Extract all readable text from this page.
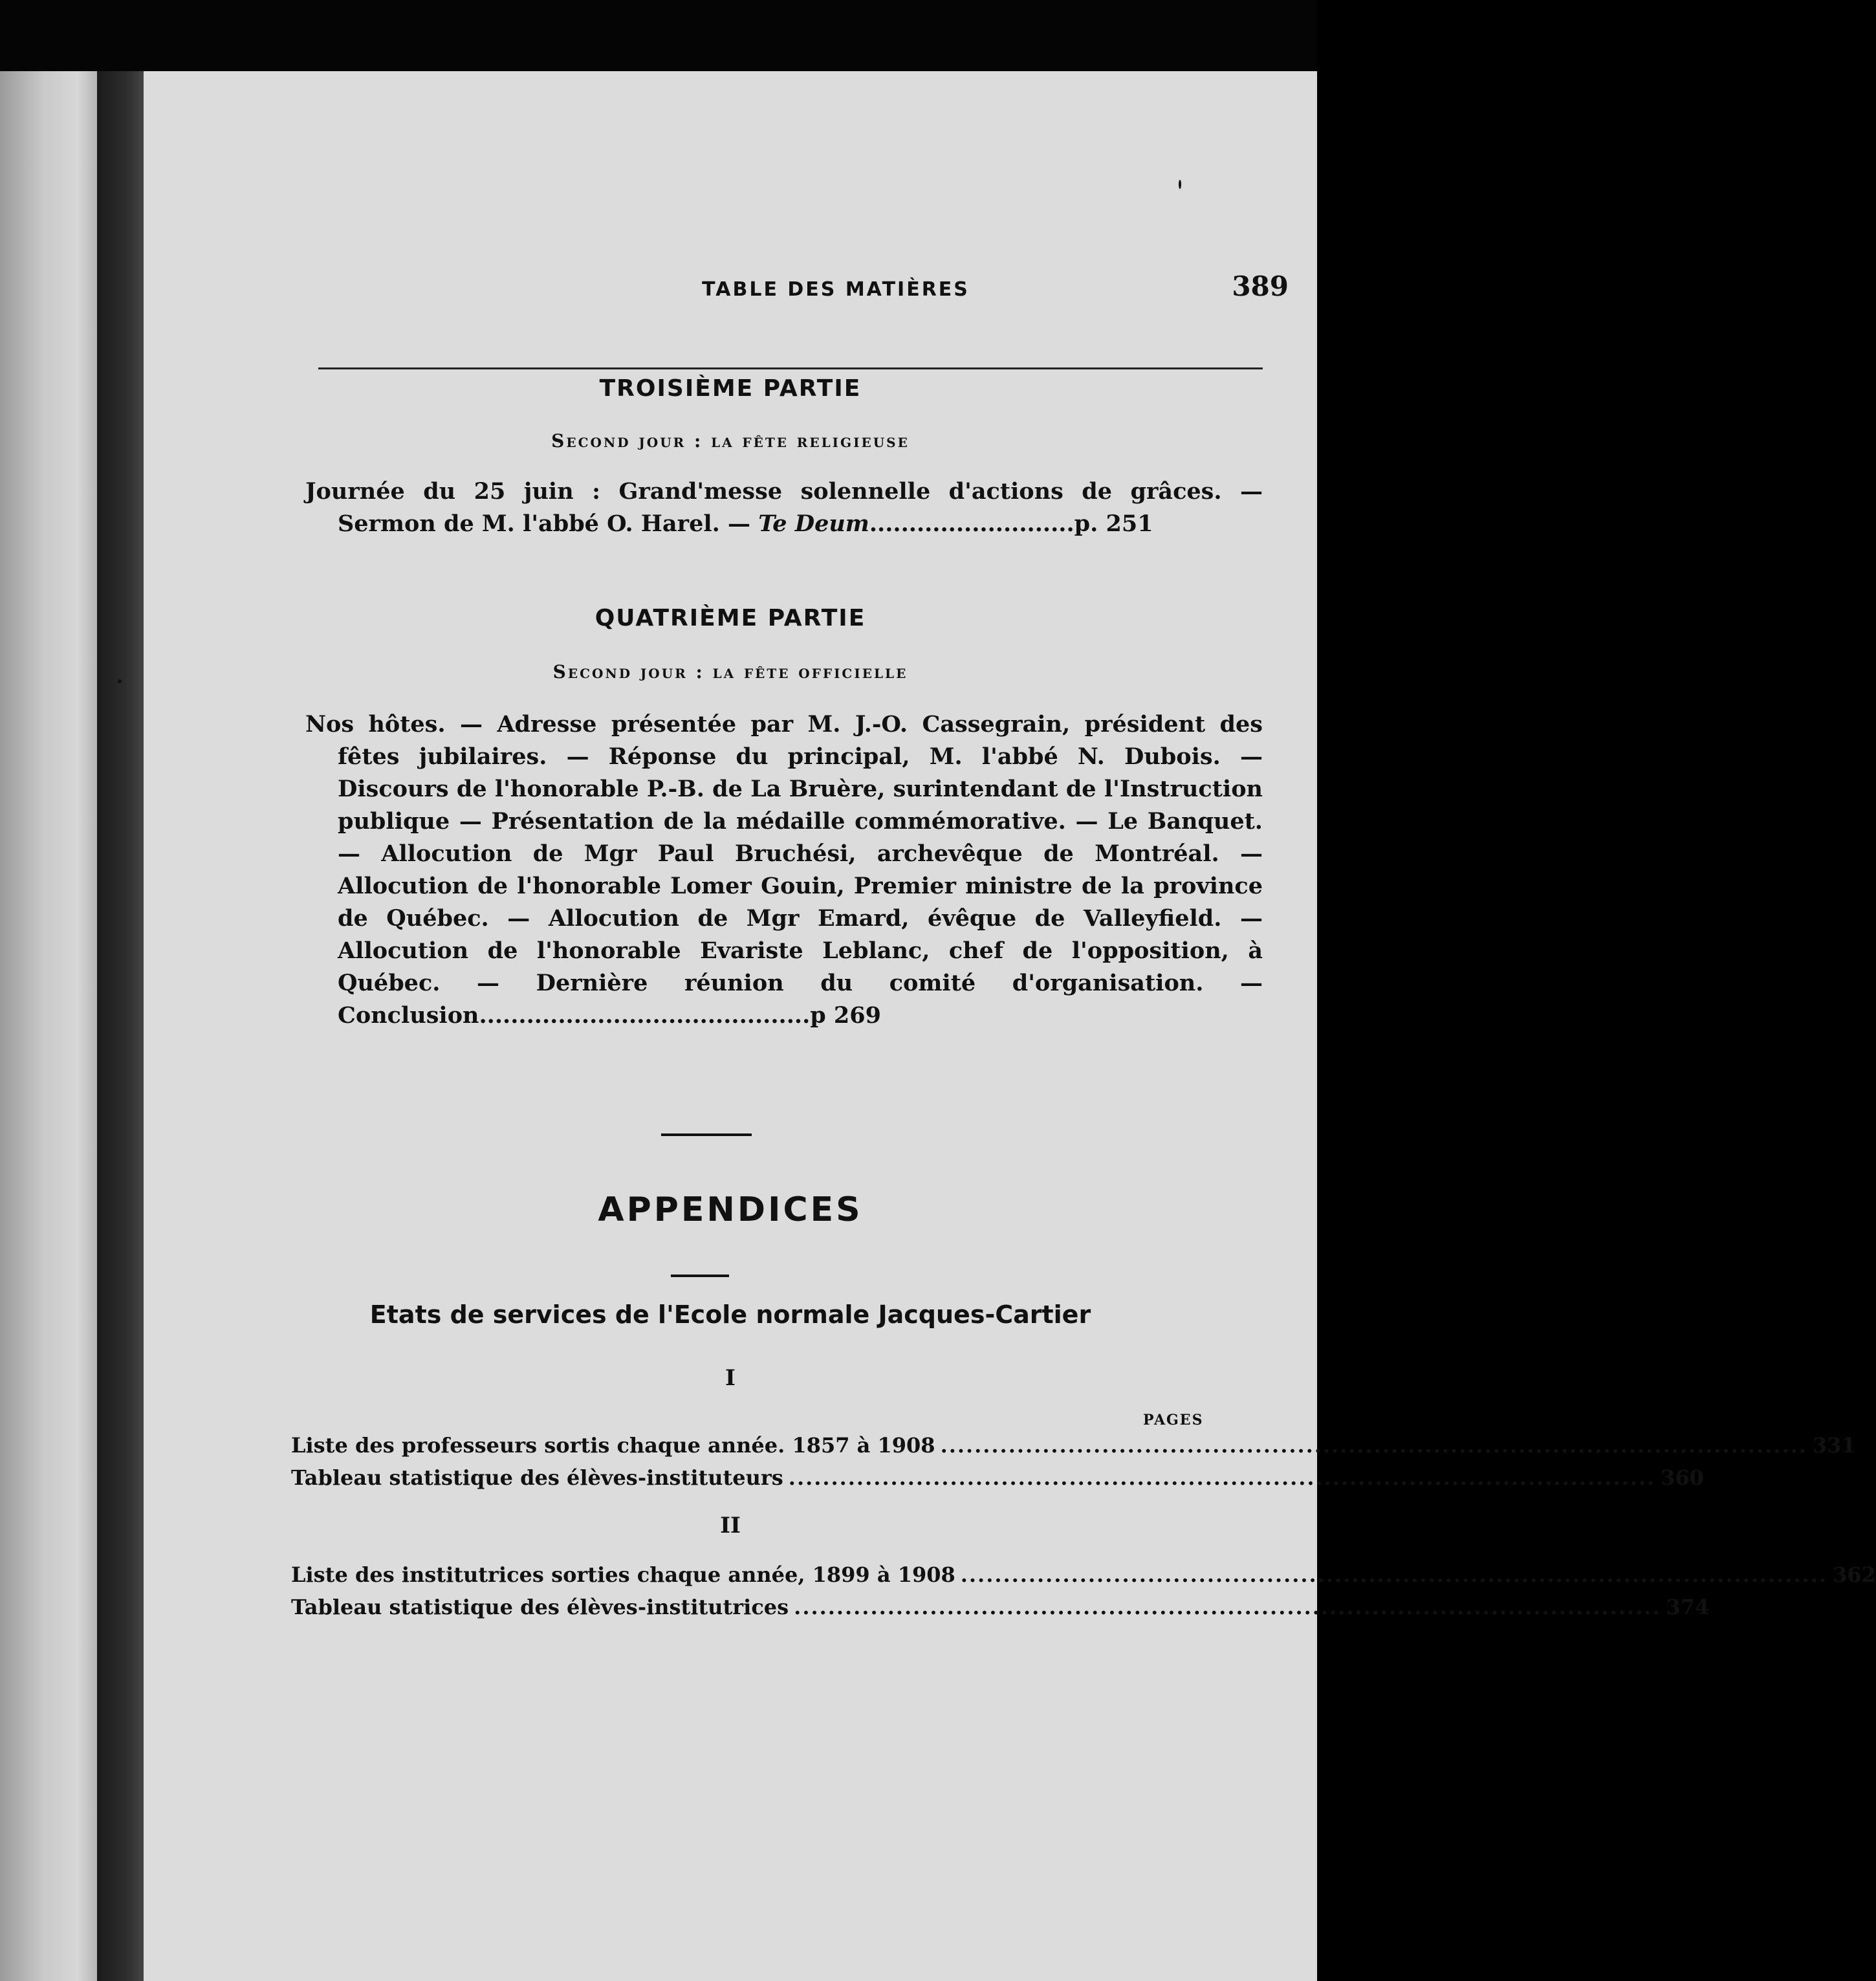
TABLE DES MATIÈRES	389
TROISIÈME PARTIE
Second jour : la fête religieuse
Journée du 25 juin : Grand'messe solennelle d'actions de grâces. — Sermon de M. l'abbé O. Harel. — Te Deum..........................p. 251
QUATRIÈME PARTIE
Second jour : la fête officielle
Nos hôtes. — Adresse présentée par M. J.-O. Cassegrain, président des fêtes jubilaires. — Réponse du principal, M. l'abbé N. Dubois. — Discours de l'honorable P.-B. de La Bruère, surintendant de l'Instruction publique — Présentation de la médaille commémorative. — Le Banquet. — Allocution de Mgr Paul Bruchési, archevêque de Montréal. — Allocution de l'honorable Lomer Gouin, Premier ministre de la province de Québec. — Allocution de Mgr Emard, évêque de Valleyfield. — Allocution de l'honorable Evariste Leblanc, chef de l'opposition, à Québec. — Dernière réunion du comité d'organisation. — Conclusion..........................................p 269
APPENDICES
Etats de services de l'Ecole normale Jacques-Cartier
I
PAGES
Liste des professeurs sortis chaque année. 1857 à 1908 ...................................................................................................... 331
Tableau statistique des élèves-instituteurs ...................................................................................................... 360
II
Liste des institutrices sorties chaque année, 1899 à 1908 ...................................................................................................... 362
Tableau statistique des élèves-institutrices ...................................................................................................... 374
